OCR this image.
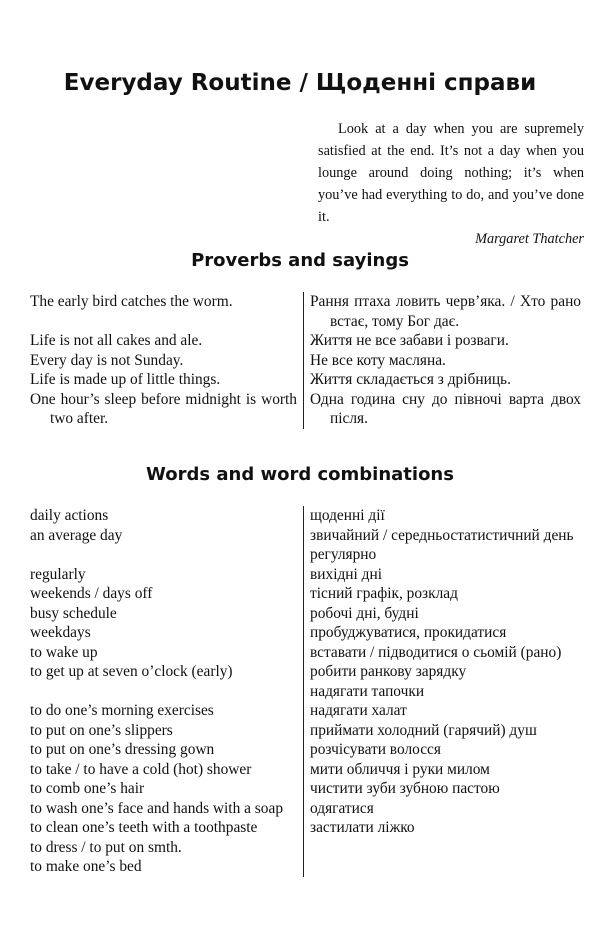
Everyday Routine / Щоденні справи

Look at a day when you are supremely satisfied at the end. It’s not a day when you lounge around doing nothing; it’s when you’ve had everything to do, and you’ve done it.

Margaret Thatcher

Proverbs and sayings
The early bird catches the worm.
Life is not all cakes and ale.
Every day is not Sunday.
Life is made up of little things.
One hour’s sleep before midnight is worth two after.
Рання птаха ловить черв’яка. / Хто рано встає, тому Бог дає.
Життя не все забави і розваги.
Не все коту масляна.
Життя складається з дрібниць.
Одна година сну до півночі варта двох після.
Words and word combinations
daily actions
an average day
regularly
weekends / days off
busy schedule
weekdays
to wake up
to get up at seven o’clock (early)
to do one’s morning exercises
to put on one’s slippers
to put on one’s dressing gown
to take / to have a cold (hot) shower
to comb one’s hair
to wash one’s face and hands with a soap
to clean one’s teeth with a toothpaste
to dress / to put on smth.
to make one’s bed
щоденні дії
звичайний / середньостатистичний день
регулярно
вихідні дні
тісний графік, розклад
робочі дні, будні
пробуджуватися, прокидатися
вставати / підводитися о сьомій (рано)
робити ранкову зарядку
надягати тапочки
надягати халат
приймати холодний (гарячий) душ
розчісувати волосся
мити обличчя і руки милом
чистити зуби зубною пастою
одягатися
застилати ліжко
